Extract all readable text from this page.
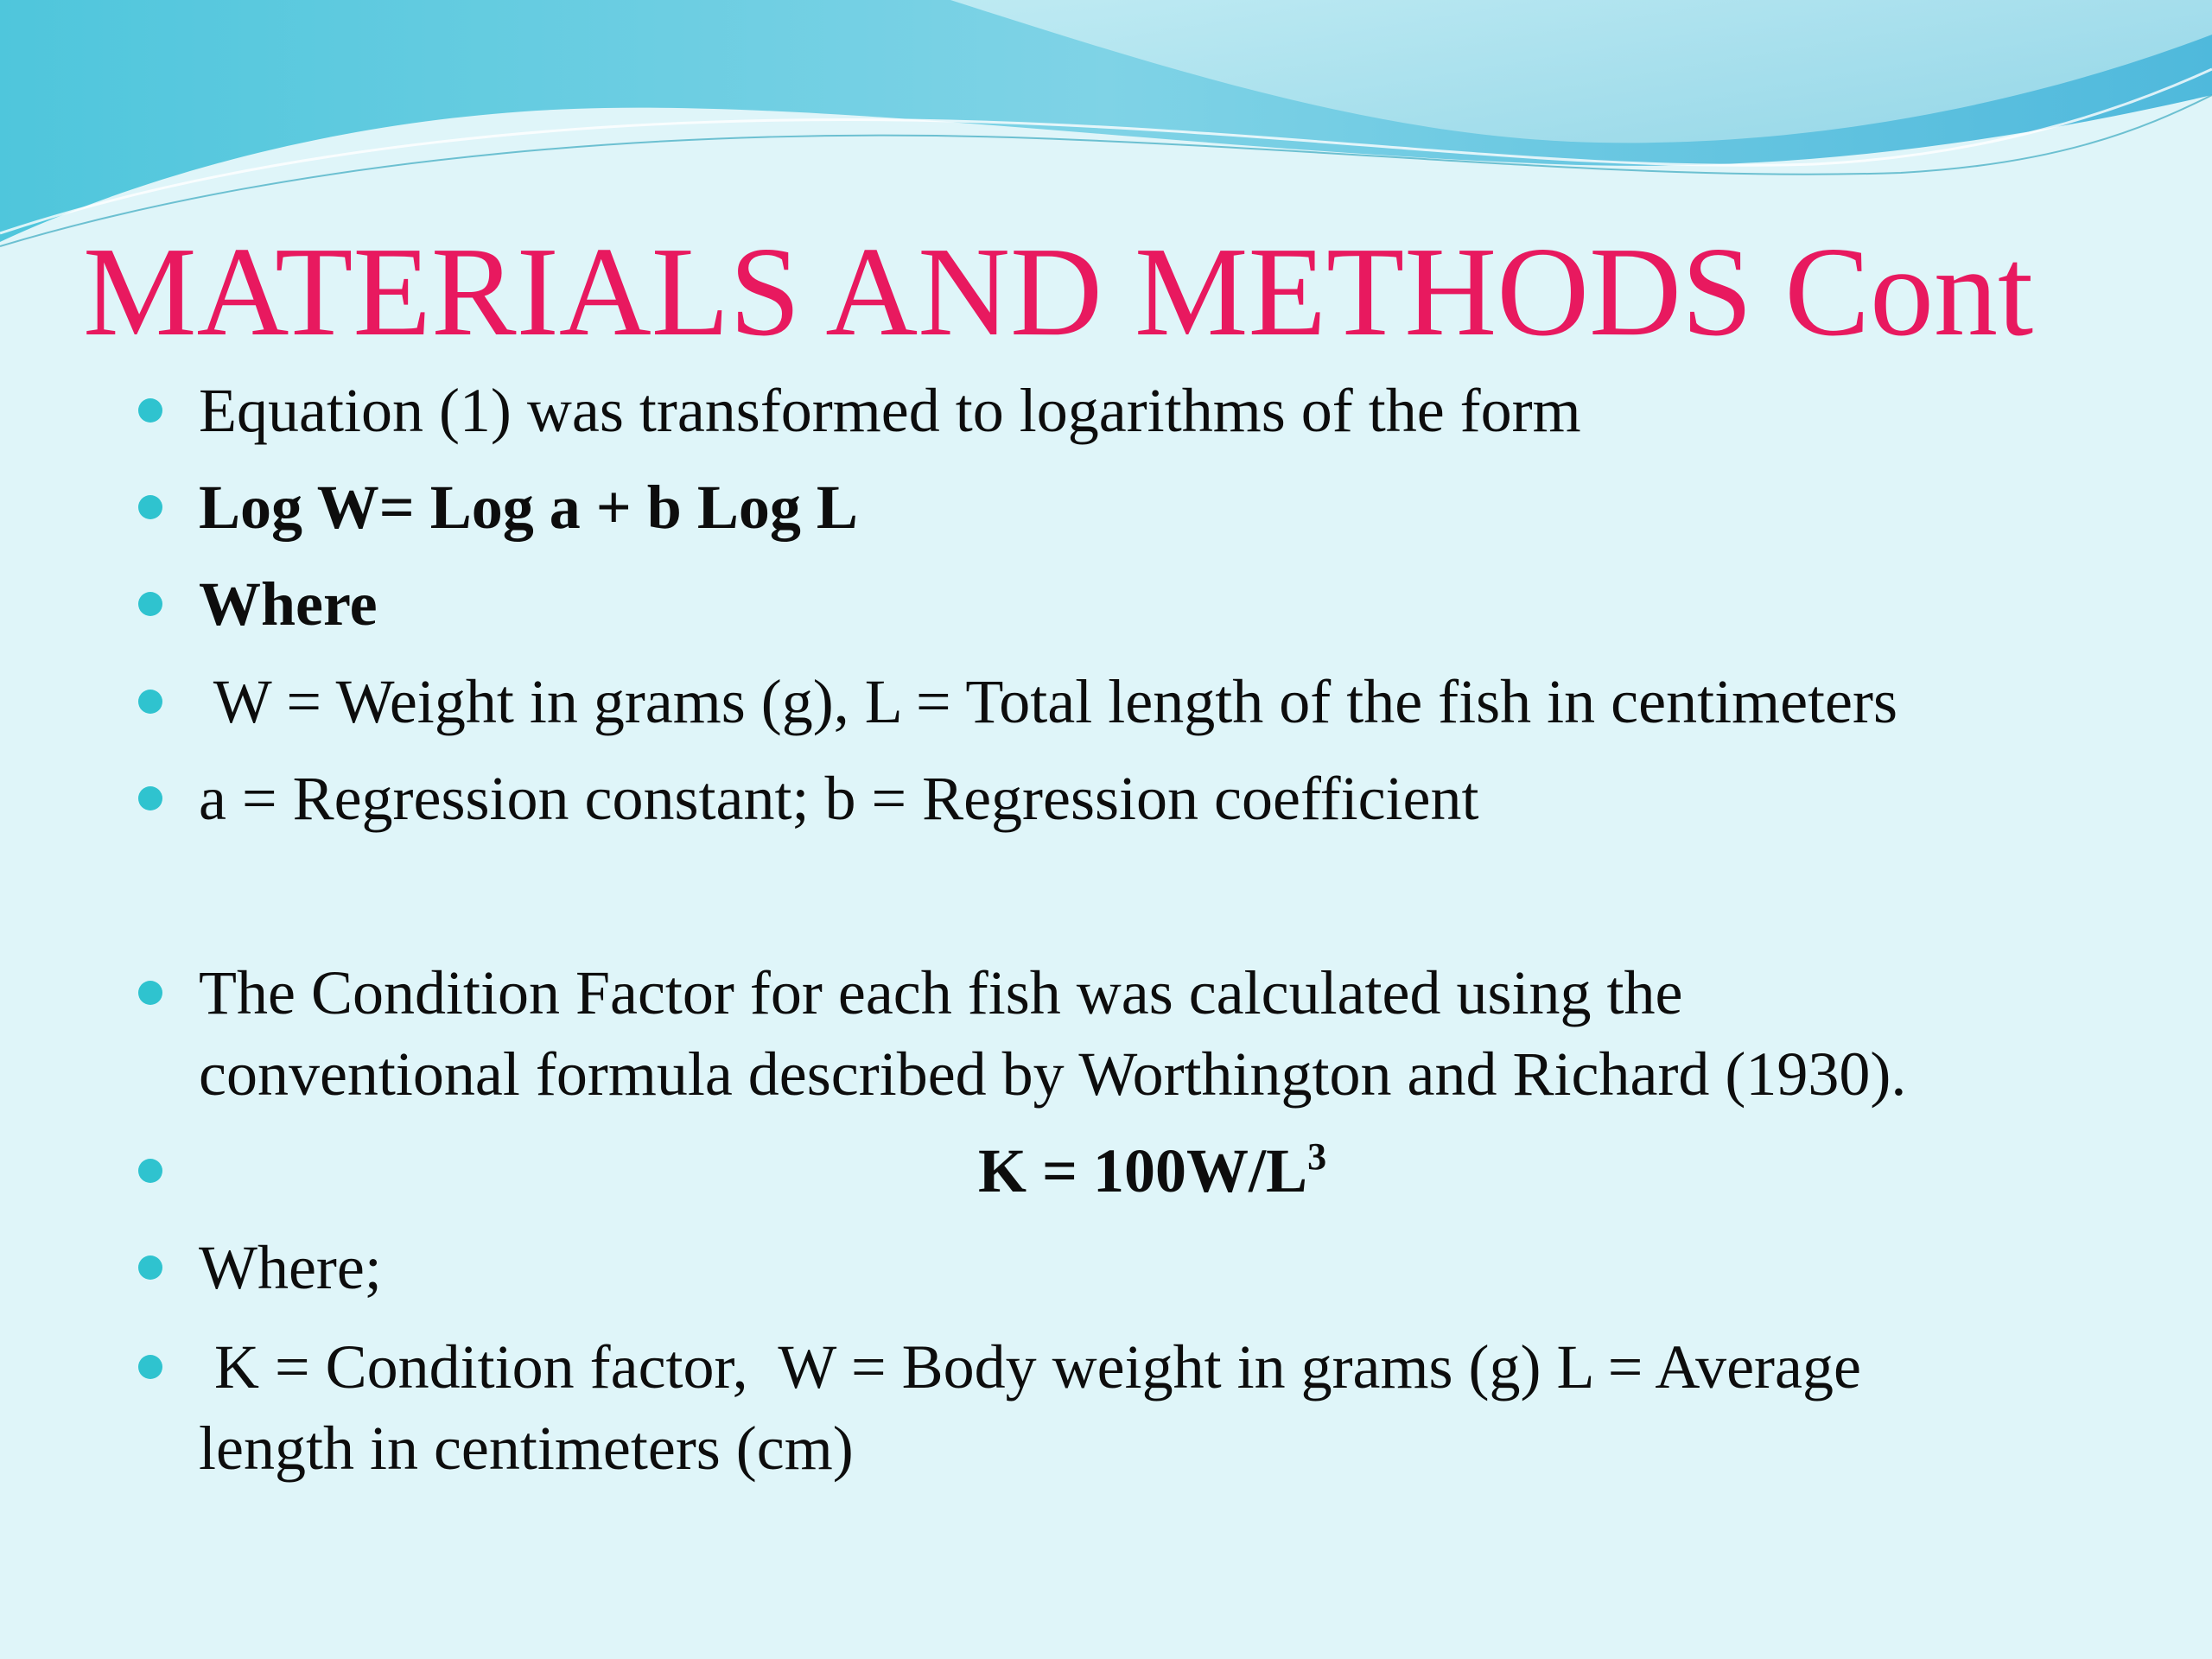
MATERIALS AND METHODS Cont
Equation (1) was transformed to logarithms of the form
Log W= Log a + b Log L
Where
W = Weight in grams (g), L = Total length of the fish in centimeters
a = Regression constant; b = Regression coefficient
The Condition Factor for each fish was calculated using the
conventional formula described by Worthington and Richard (1930).
$K = 100W/L^3$
Where;
K = Condition factor,  W = Body weight in grams (g) L = Average
length in centimeters (cm)
